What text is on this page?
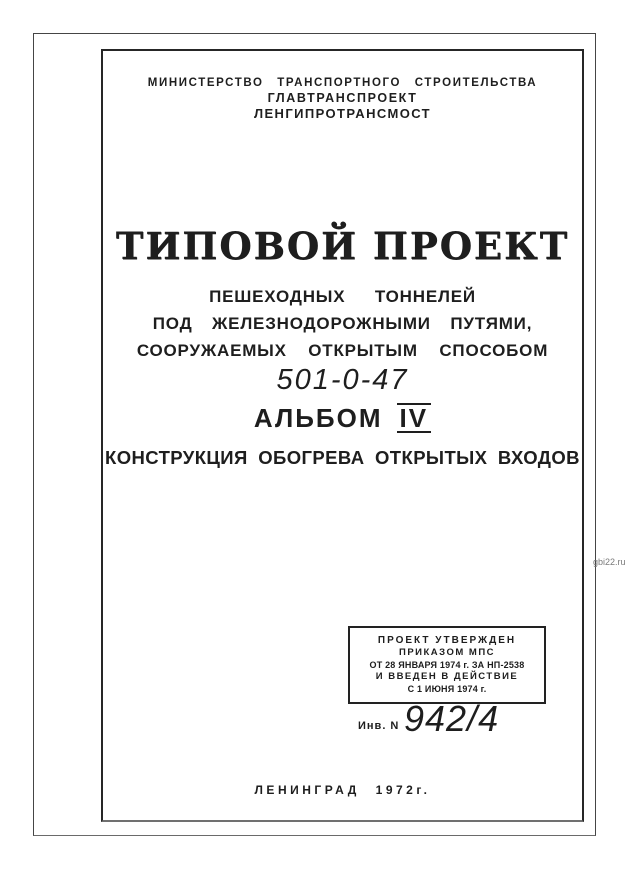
МИНИСТЕРСТВО ТРАНСПОРТНОГО СТРОИТЕЛЬСТВА
ГЛАВТРАНСПРОЕКТ
ЛЕНГИПРОТРАНСМОСТ
ТИПОВОЙ ПРОЕКТ
ПЕШЕХОДНЫХ ТОННЕЛЕЙ
ПОД ЖЕЛЕЗНОДОРОЖНЫМИ ПУТЯМИ,
СООРУЖАЕМЫХ ОТКРЫТЫМ СПОСОБОМ
501-0-47
АЛЬБОМ IV
КОНСТРУКЦИЯ ОБОГРЕВА ОТКРЫТЫХ ВХОДОВ
ПРОЕКТ УТВЕРЖДЕН
ПРИКАЗОМ МПС
ОТ 28 ЯНВАРЯ 1974 г. ЗА НП-2538
И ВВЕДЕН В ДЕЙСТВИЕ
С 1 ИЮНЯ 1974 г.
Инв. N 942/4
ЛЕНИНГРАД 1972г.
gbi22.ru
